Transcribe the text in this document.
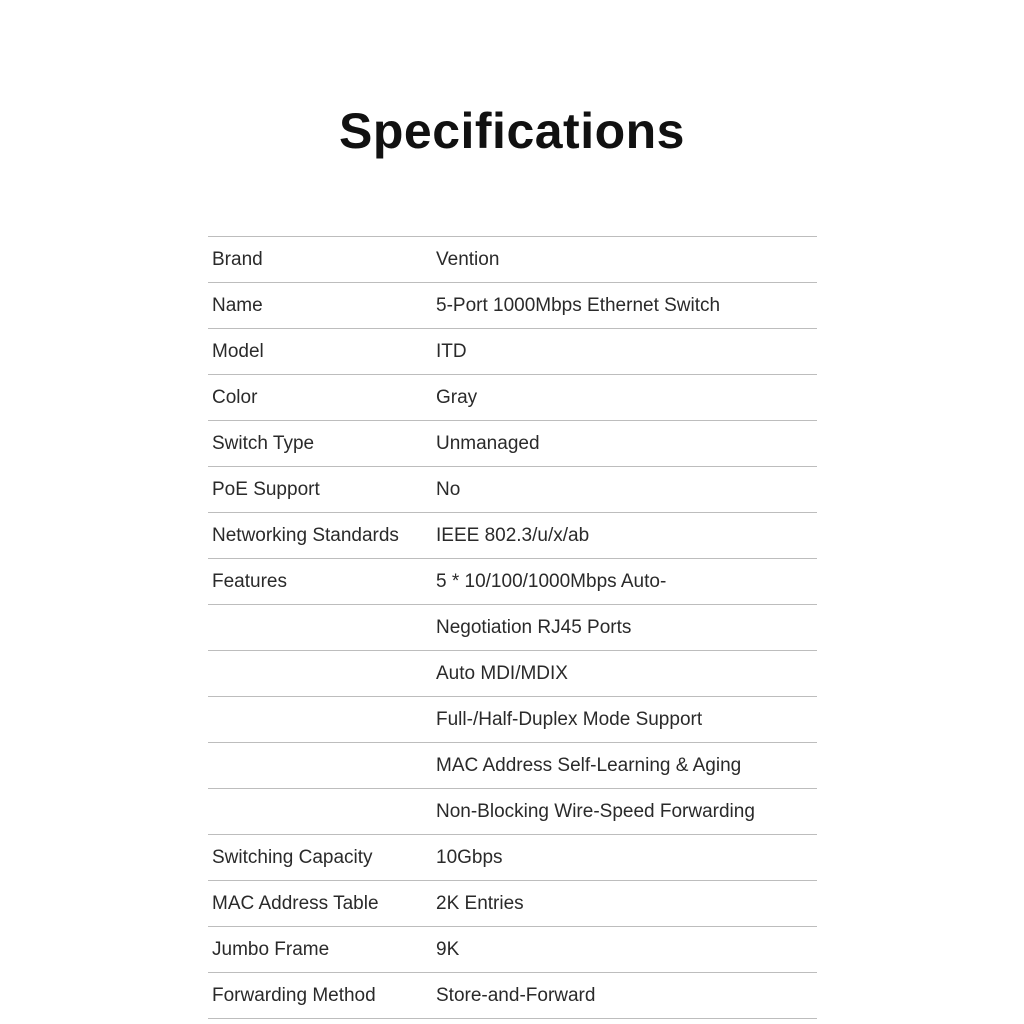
Specifications
Brand	Vention
Name	5-Port 1000Mbps Ethernet Switch
Model	ITD
Color	Gray
Switch Type	Unmanaged
PoE Support	No
Networking Standards	IEEE 802.3/u/x/ab
Features	5 * 10/100/1000Mbps Auto-
Negotiation RJ45 Ports
Auto MDI/MDIX
Full-/Half-Duplex Mode Support
MAC Address Self-Learning & Aging
Non-Blocking Wire-Speed Forwarding
Switching Capacity	10Gbps
MAC Address Table	2K Entries
Jumbo Frame	9K
Forwarding Method	Store-and-Forward
